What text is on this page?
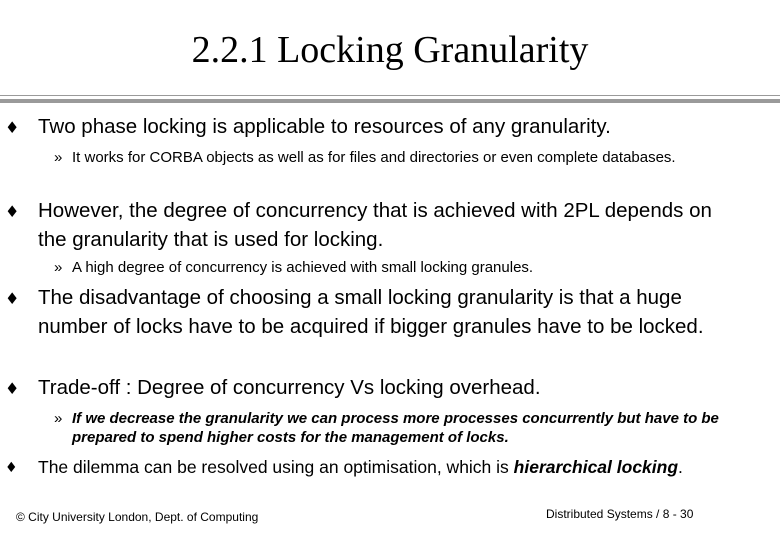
2.2.1 Locking Granularity
♦ Two phase locking is applicable to resources of any granularity.
» It works for CORBA objects as well as for files and directories or even complete databases.
♦ However, the degree of concurrency that is achieved with 2PL depends on the granularity that is used for locking.
» A high degree of concurrency is achieved with small locking granules.
♦ The disadvantage of choosing a small locking granularity is that a huge number of locks have to be acquired if bigger granules have to be locked.
♦ Trade-off : Degree of concurrency Vs locking overhead.
» If we decrease the granularity we can process more processes concurrently but have to be prepared to spend higher costs for the management of locks.
♦ The dilemma can be resolved using an optimisation, which is hierarchical locking.
© City University London, Dept. of Computing	Distributed Systems / 8 - 30
